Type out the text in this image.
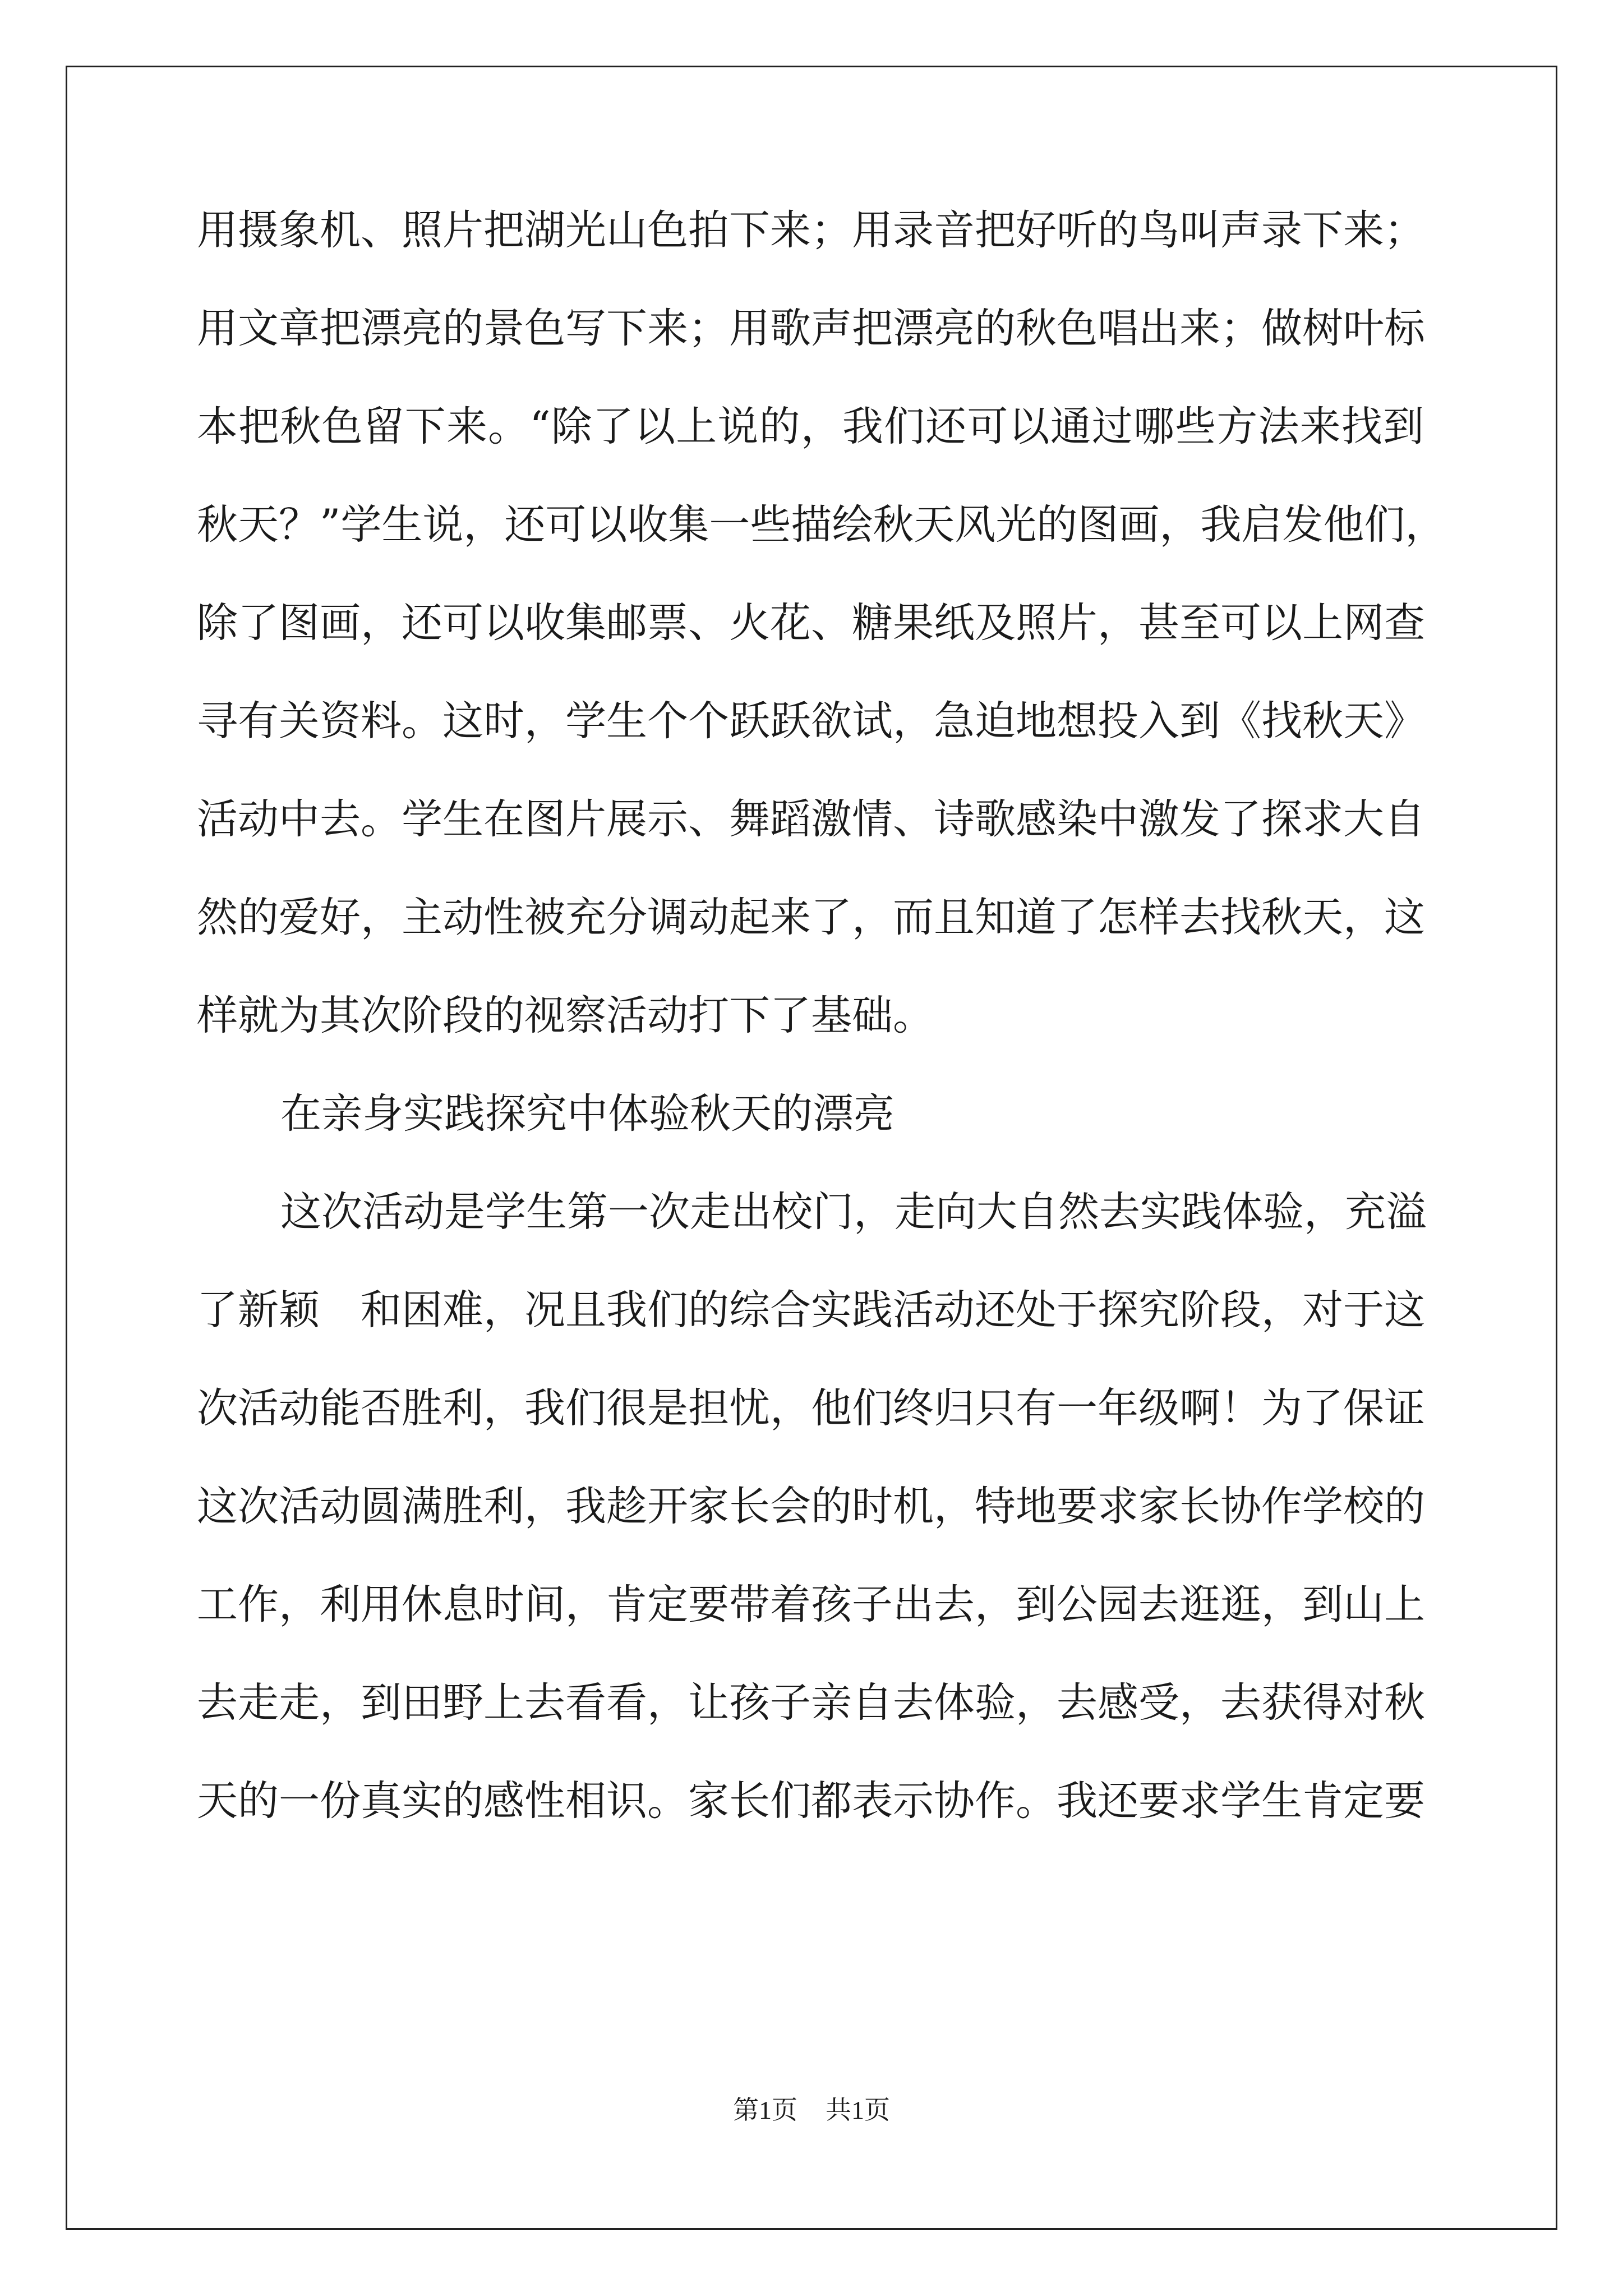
用摄象机、照片把湖光山色拍下来；用录音把好听的鸟叫声录下来；
用文章把漂亮的景色写下来；用歌声把漂亮的秋色唱出来；做树叶标
本把秋色留下来。“除了以上说的，我们还可以通过哪些方法来找到
秋天？”学生说，还可以收集一些描绘秋天风光的图画，我启发他们，
除了图画，还可以收集邮票、火花、糖果纸及照片，甚至可以上网查
寻有关资料。这时，学生个个跃跃欲试，急迫地想投入到《找秋天》
活动中去。学生在图片展示、舞蹈激情、诗歌感染中激发了探求大自
然的爱好，主动性被充分调动起来了，而且知道了怎样去找秋天，这
样就为其次阶段的视察活动打下了基础。
在亲身实践探究中体验秋天的漂亮
这次活动是学生第一次走出校门，走向大自然去实践体验，充溢
了新颖　和困难，况且我们的综合实践活动还处于探究阶段，对于这
次活动能否胜利，我们很是担忧，他们终归只有一年级啊！为了保证
这次活动圆满胜利，我趁开家长会的时机，特地要求家长协作学校的
工作，利用休息时间，肯定要带着孩子出去，到公园去逛逛，到山上
去走走，到田野上去看看，让孩子亲自去体验，去感受，去获得对秋
天的一份真实的感性相识。家长们都表示协作。我还要求学生肯定要
第1页 共1页
